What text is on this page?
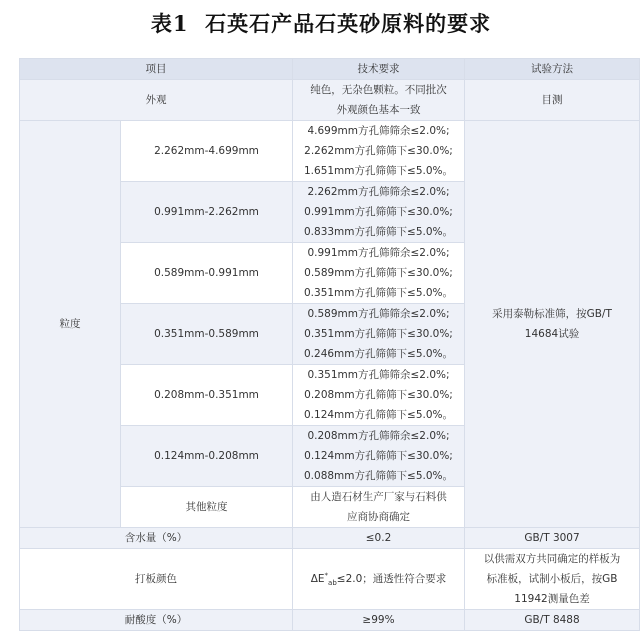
表1  石英石产品石英砂原料的要求
项目		技术要求	试验方法
外观		纯色，无杂色颗粒。不同批次
外观颜色基本一致	目测
粒度	2.262mm-4.699mm	4.699mm方孔筛筛余≤2.0%;
2.262mm方孔筛筛下≤30.0%;
1.651mm方孔筛筛下≤5.0%。	采用泰勒标准筛，按GB/T
14684试验

	0.991mm-2.262mm	2.262mm方孔筛筛余≤2.0%;
0.991mm方孔筛筛下≤30.0%;
0.833mm方孔筛筛下≤5.0%。	

	0.589mm-0.991mm	0.991mm方孔筛筛余≤2.0%;
0.589mm方孔筛筛下≤30.0%;
0.351mm方孔筛筛下≤5.0%。	

	0.351mm-0.589mm	0.589mm方孔筛筛余≤2.0%;
0.351mm方孔筛筛下≤30.0%;
0.246mm方孔筛筛下≤5.0%。	

	0.208mm-0.351mm	0.351mm方孔筛筛余≤2.0%;
0.208mm方孔筛筛下≤30.0%;
0.124mm方孔筛筛下≤5.0%。	

	0.124mm-0.208mm	0.208mm方孔筛筛余≤2.0%;
0.124mm方孔筛筛下≤30.0%;
0.088mm方孔筛筛下≤5.0%。	

	其他粒度	由人造石材生产厂家与石料供
应商协商确定	

含水量（%）		≤0.2	GB/T 3007
打板颜色		$\Delta E^*_{ab}\le 2.0$；通透性符合要求	以供需双方共同确定的样板为
标准板，试制小板后，按GB
11942测量色差

耐酸度（%）		≥99%	GB/T 8488
